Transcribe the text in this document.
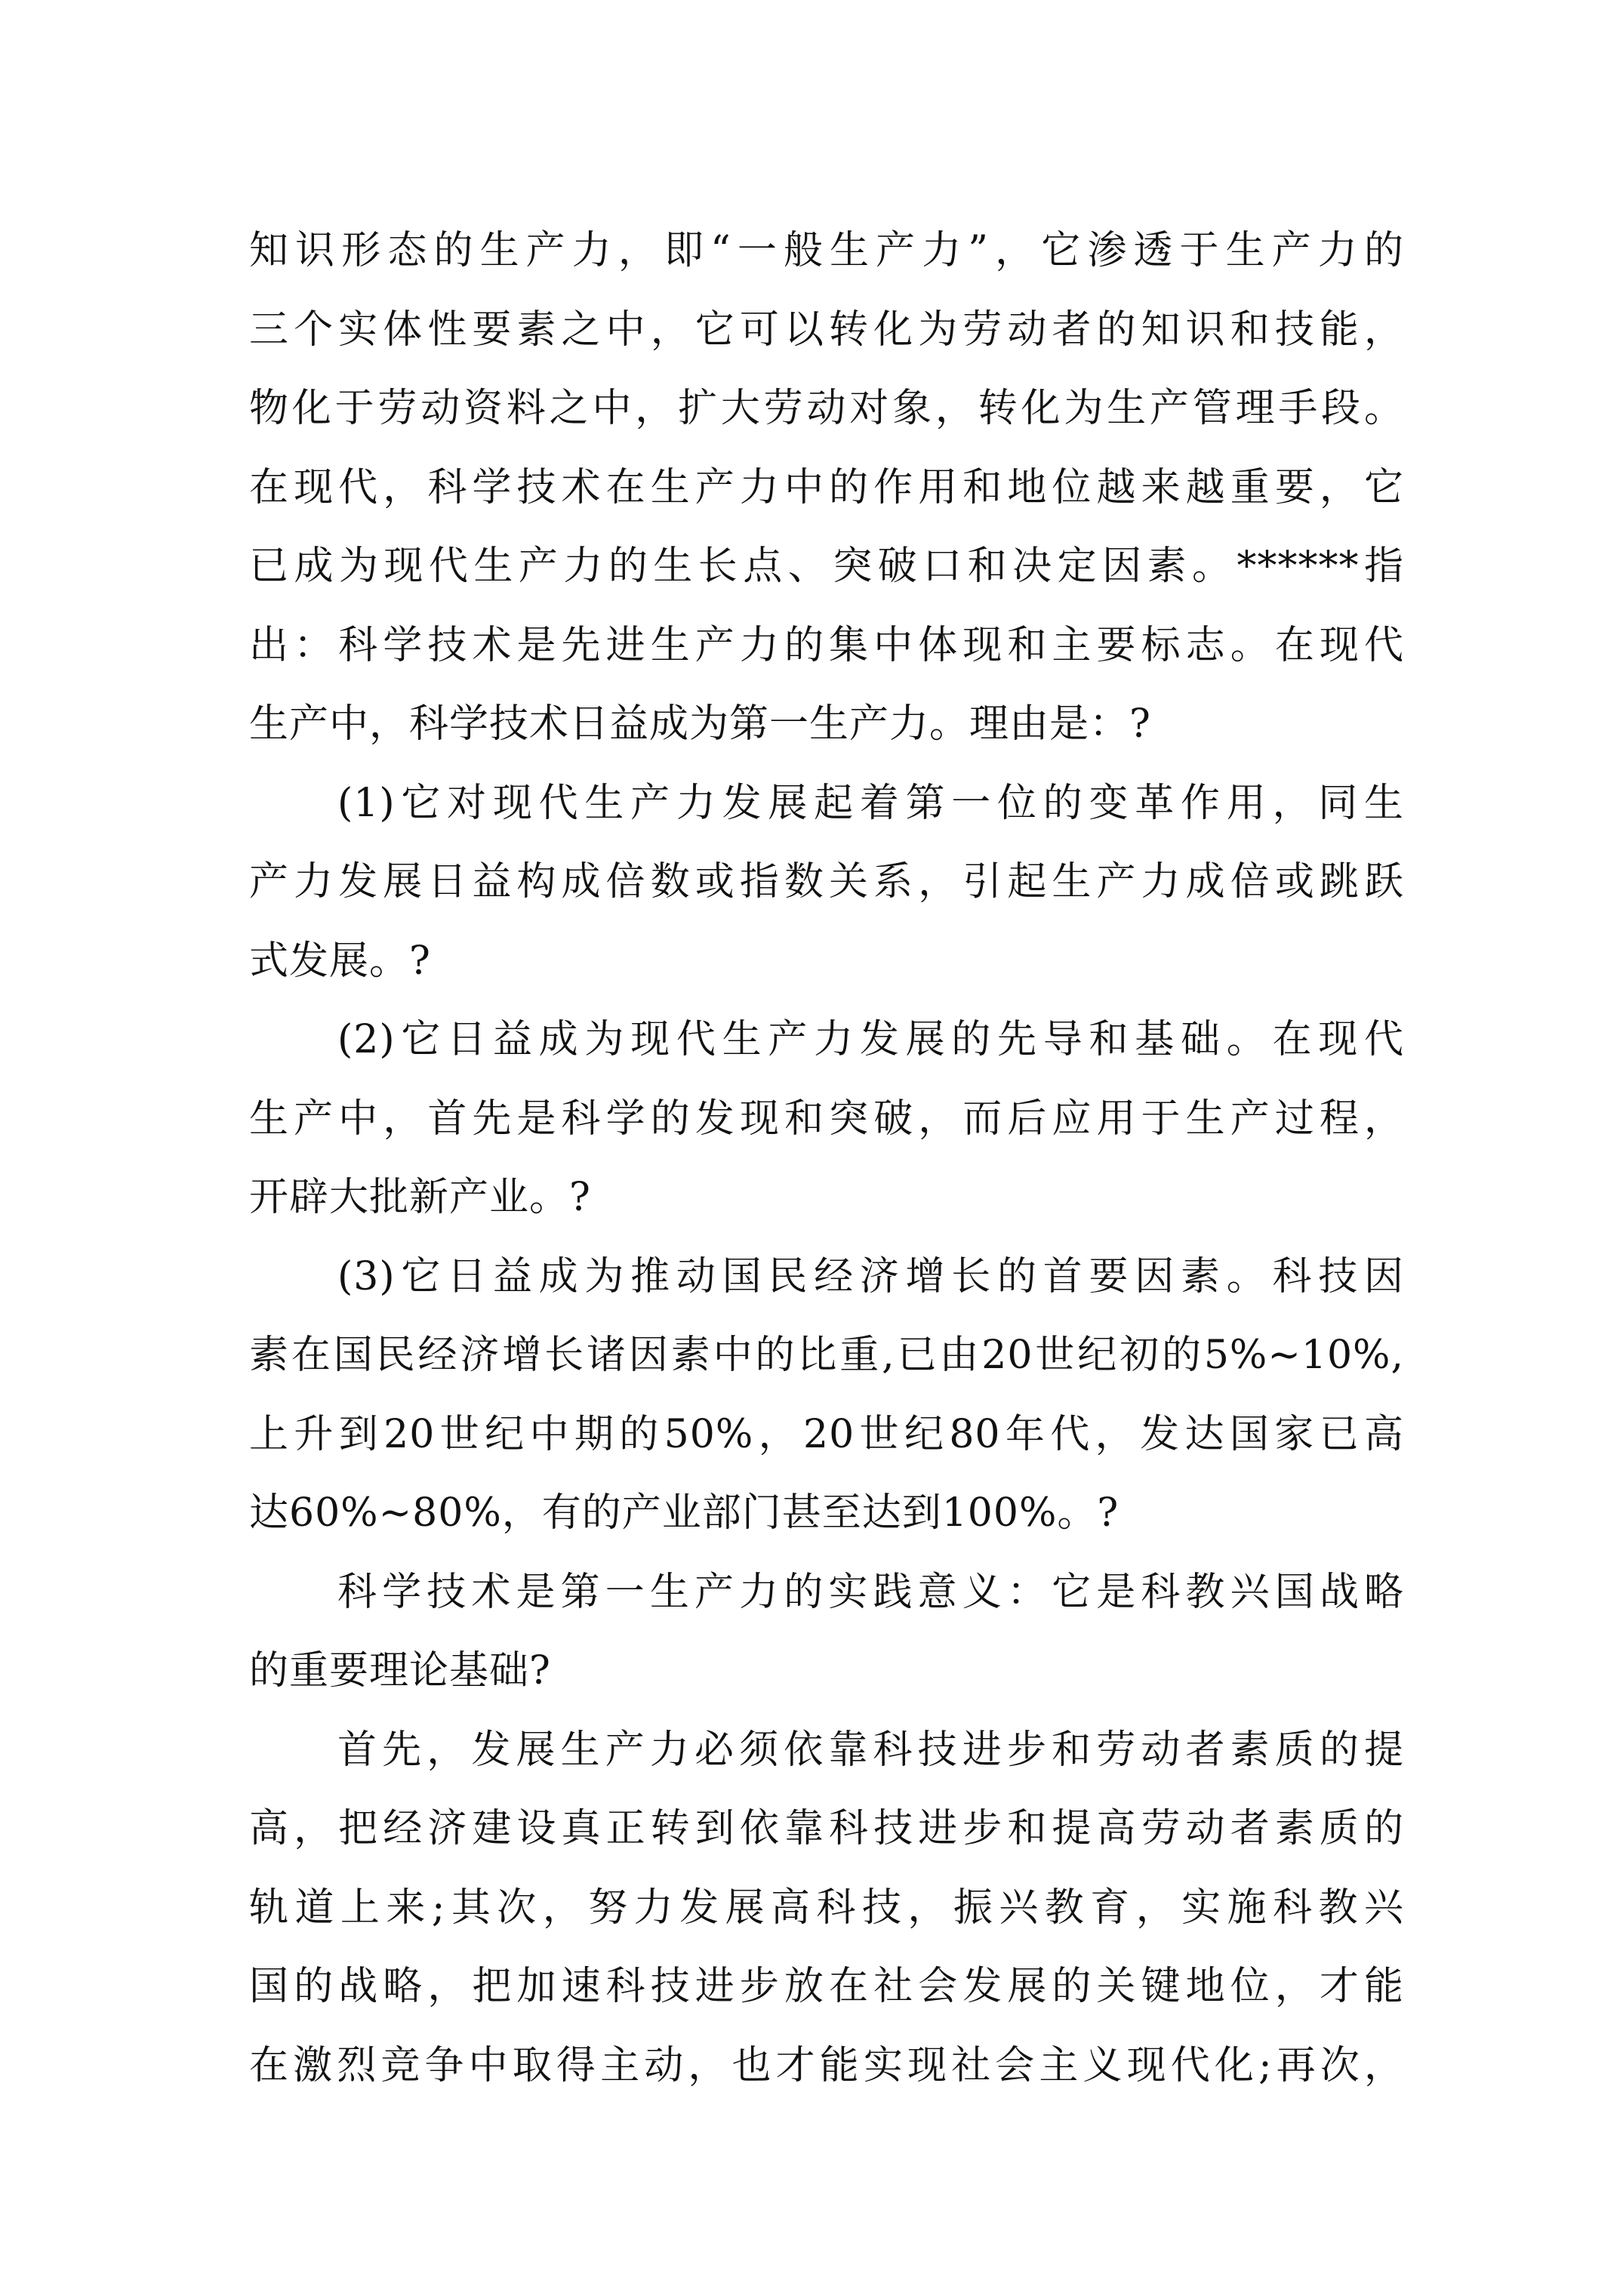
知识形态的生产力，即“一般生产力”，它渗透于生产力的
三个实体性要素之中，它可以转化为劳动者的知识和技能，
物化于劳动资料之中，扩大劳动对象，转化为生产管理手段。
在现代，科学技术在生产力中的作用和地位越来越重要，它
已成为现代生产力的生长点、突破口和决定因素。******指
出：科学技术是先进生产力的集中体现和主要标志。在现代
生产中，科学技术日益成为第一生产力。理由是：?
(1)它对现代生产力发展起着第一位的变革作用，同生
产力发展日益构成倍数或指数关系，引起生产力成倍或跳跃
式发展。?
(2)它日益成为现代生产力发展的先导和基础。在现代
生产中，首先是科学的发现和突破，而后应用于生产过程，
开辟大批新产业。?
(3)它日益成为推动国民经济增长的首要因素。科技因
素在国民经济增长诸因素中的比重,已由20世纪初的5%~10%,
上升到20世纪中期的50%，20世纪80年代，发达国家已高
达60%~80%，有的产业部门甚至达到100%。?
科学技术是第一生产力的实践意义：它是科教兴国战略
的重要理论基础?
首先，发展生产力必须依靠科技进步和劳动者素质的提
高，把经济建设真正转到依靠科技进步和提高劳动者素质的
轨道上来;其次，努力发展高科技，振兴教育，实施科教兴
国的战略，把加速科技进步放在社会发展的关键地位，才能
在激烈竞争中取得主动，也才能实现社会主义现代化;再次，
